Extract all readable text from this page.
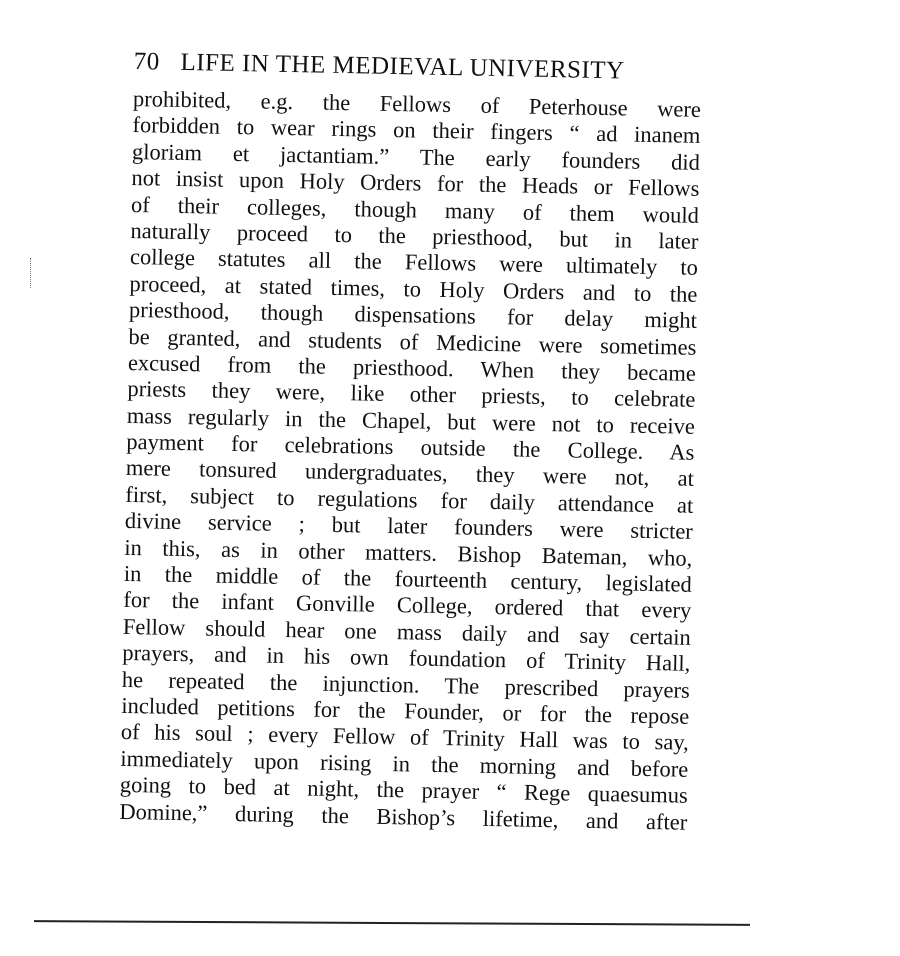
70 LIFE IN THE MEDIEVAL UNIVERSITY
prohibited, e.g. the Fellows of Peterhouse were
forbidden to wear rings on their fingers “ ad inanem
gloriam et jactantiam.” The early founders did
not insist upon Holy Orders for the Heads or Fellows
of their colleges, though many of them would
naturally proceed to the priesthood, but in later
college statutes all the Fellows were ultimately to
proceed, at stated times, to Holy Orders and to the
priesthood, though dispensations for delay might
be granted, and students of Medicine were sometimes
excused from the priesthood. When they became
priests they were, like other priests, to celebrate
mass regularly in the Chapel, but were not to receive
payment for celebrations outside the College. As
mere tonsured undergraduates, they were not, at
first, subject to regulations for daily attendance at
divine service ; but later founders were stricter
in this, as in other matters. Bishop Bateman, who,
in the middle of the fourteenth century, legislated
for the infant Gonville College, ordered that every
Fellow should hear one mass daily and say certain
prayers, and in his own foundation of Trinity Hall,
he repeated the injunction. The prescribed prayers
included petitions for the Founder, or for the repose
of his soul ; every Fellow of Trinity Hall was to say,
immediately upon rising in the morning and before
going to bed at night, the prayer “ Rege quaesumus
Domine,” during the Bishop’s lifetime, and after
